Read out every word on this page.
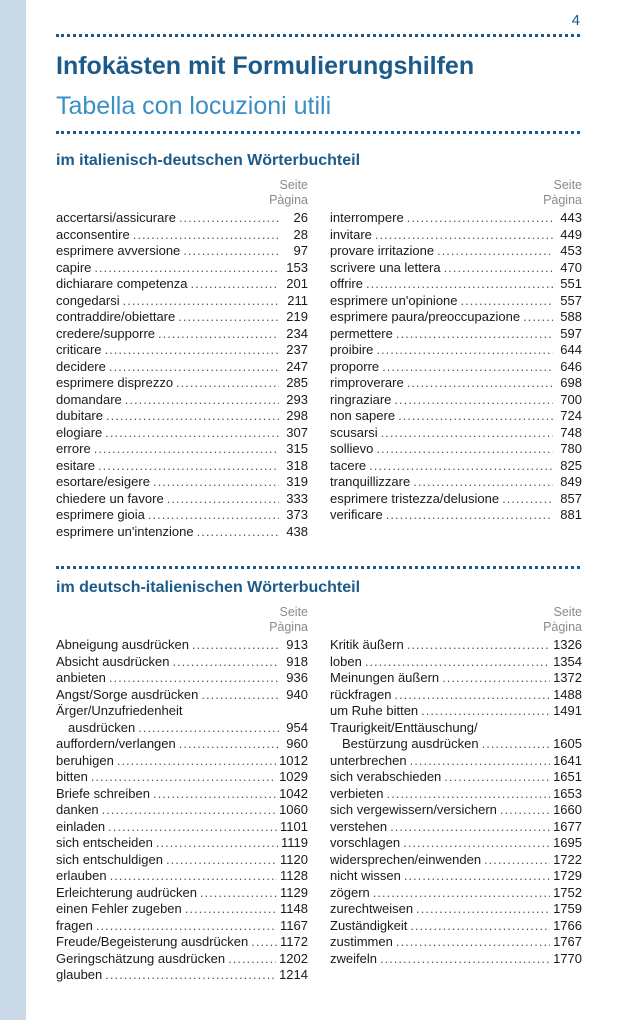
4
Infokästen mit Formulierungshilfen
Tabella con locuzioni utili
im italienisch-deutschen Wörterbuchteil
Seite
Pàgina
accertarsi/assicurare .....	26
acconsentire .....	28
esprimere avversione .....	97
capire .....	153
dichiarare competenza .....	201
congedarsi .....	211
contraddire/obiettare .....	219
credere/supporre .....	234
criticare .....	237
decidere .....	247
esprimere disprezzo .....	285
domandare .....	293
dubitare .....	298
elogiare .....	307
errore .....	315
esitare .....	318
esortare/esigere .....	319
chiedere un favore .....	333
esprimere gioia .....	373
esprimere un'intenzione .....	438
Seite
Pàgina
interrompere .....	443
invitare .....	449
provare irritazione .....	453
scrivere una lettera .....	470
offrire .....	551
esprimere un'opinione .....	557
esprimere paura/preoccupazione .....	588
permettere .....	597
proibire .....	644
proporre .....	646
rimproverare .....	698
ringraziare .....	700
non sapere .....	724
scusarsi .....	748
sollievo .....	780
tacere .....	825
tranquillizzare .....	849
esprimere tristezza/delusione .....	857
verificare .....	881
im deutsch-italienischen Wörterbuchteil
Seite
Pàgina
Abneigung ausdrücken .....	913
Absicht ausdrücken .....	918
anbieten .....	936
Angst/Sorge ausdrücken .....	940
Ärger/Unzufriedenheit
ausdrücken .....	954
auffordern/verlangen .....	960
beruhigen .....	1012
bitten .....	1029
Briefe schreiben .....	1042
danken .....	1060
einladen .....	1101
sich entscheiden .....	1119
sich entschuldigen .....	1120
erlauben .....	1128
Erleichterung audrücken .....	1129
einen Fehler zugeben .....	1148
fragen .....	1167
Freude/Begeisterung ausdrücken ..... 1172
Geringschätzung ausdrücken .....	1202
glauben .....	1214
Seite
Pàgina
Kritik äußern .....	1326
loben .....	1354
Meinungen äußern .....	1372
rückfragen .....	1488
um Ruhe bitten .....	1491
Traurigkeit/Enttäuschung/
Bestürzung ausdrücken .....	1605
unterbrechen .....	1641
sich verabschieden .....	1651
verbieten .....	1653
sich vergewissern/versichern .....	1660
verstehen .....	1677
vorschlagen .....	1695
widersprechen/einwenden .....	1722
nicht wissen .....	1729
zögern .....	1752
zurechtweisen .....	1759
Zuständigkeit .....	1766
zustimmen .....	1767
zweifeln .....	1770
